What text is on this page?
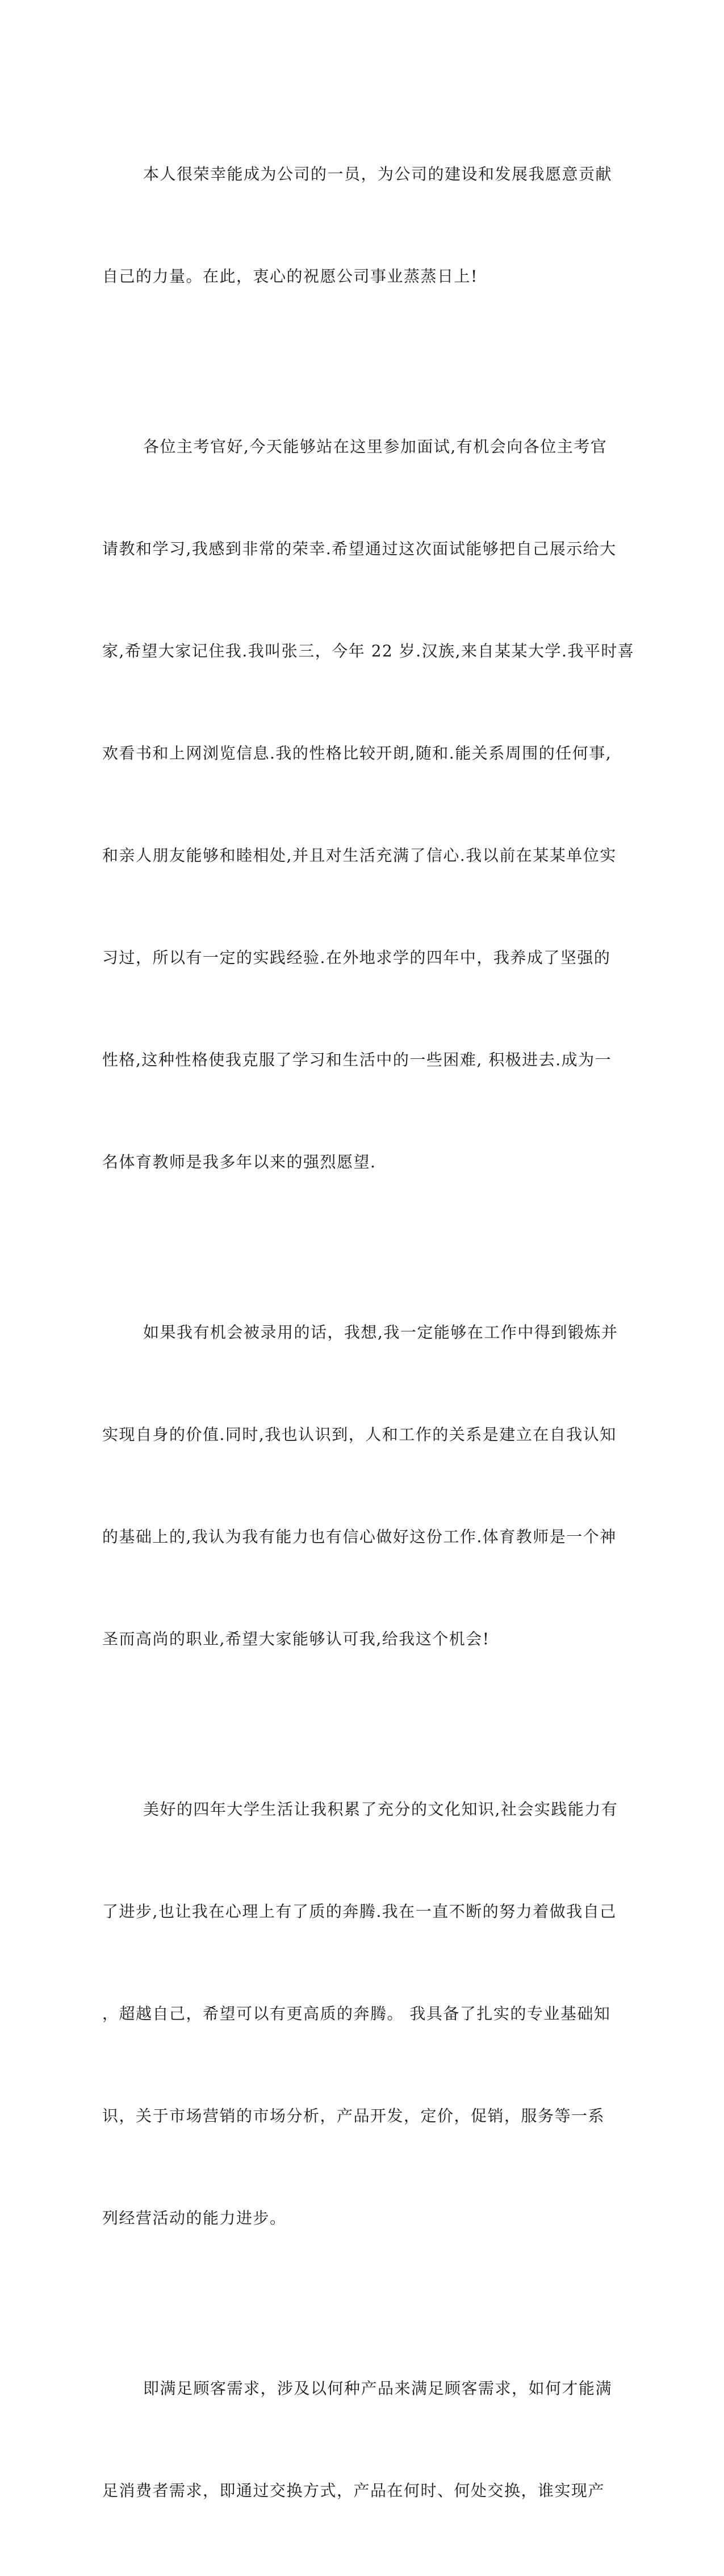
本人很荣幸能成为公司的一员，为公司的建设和发展我愿意贡献

自己的力量。在此，衷心的祝愿公司事业蒸蒸日上!

各位主考官好,今天能够站在这里参加面试,有机会向各位主考官

请教和学习,我感到非常的荣幸.希望通过这次面试能够把自己展示给大

家,希望大家记住我.我叫张三，今年 22 岁.汉族,来自某某大学.我平时喜

欢看书和上网浏览信息.我的性格比较开朗,随和.能关系周围的任何事,

和亲人朋友能够和睦相处,并且对生活充满了信心.我以前在某某单位实

习过，所以有一定的实践经验.在外地求学的四年中，我养成了坚强的

性格,这种性格使我克服了学习和生活中的一些困难, 积极进去.成为一

名体育教师是我多年以来的强烈愿望.

如果我有机会被录用的话，我想,我一定能够在工作中得到锻炼并

实现自身的价值.同时,我也认识到，人和工作的关系是建立在自我认知

的基础上的,我认为我有能力也有信心做好这份工作.体育教师是一个神

圣而高尚的职业,希望大家能够认可我,给我这个机会!

美好的四年大学生活让我积累了充分的文化知识,社会实践能力有

了进步,也让我在心理上有了质的奔腾.我在一直不断的努力着做我自己

，超越自己，希望可以有更高质的奔腾。 我具备了扎实的专业基础知

识，关于市场营销的市场分析，产品开发，定价，促销，服务等一系

列经营活动的能力进步。

即满足顾客需求，涉及以何种产品来满足顾客需求，如何才能满

足消费者需求，即通过交换方式，产品在何时、何处交换，谁实现产
